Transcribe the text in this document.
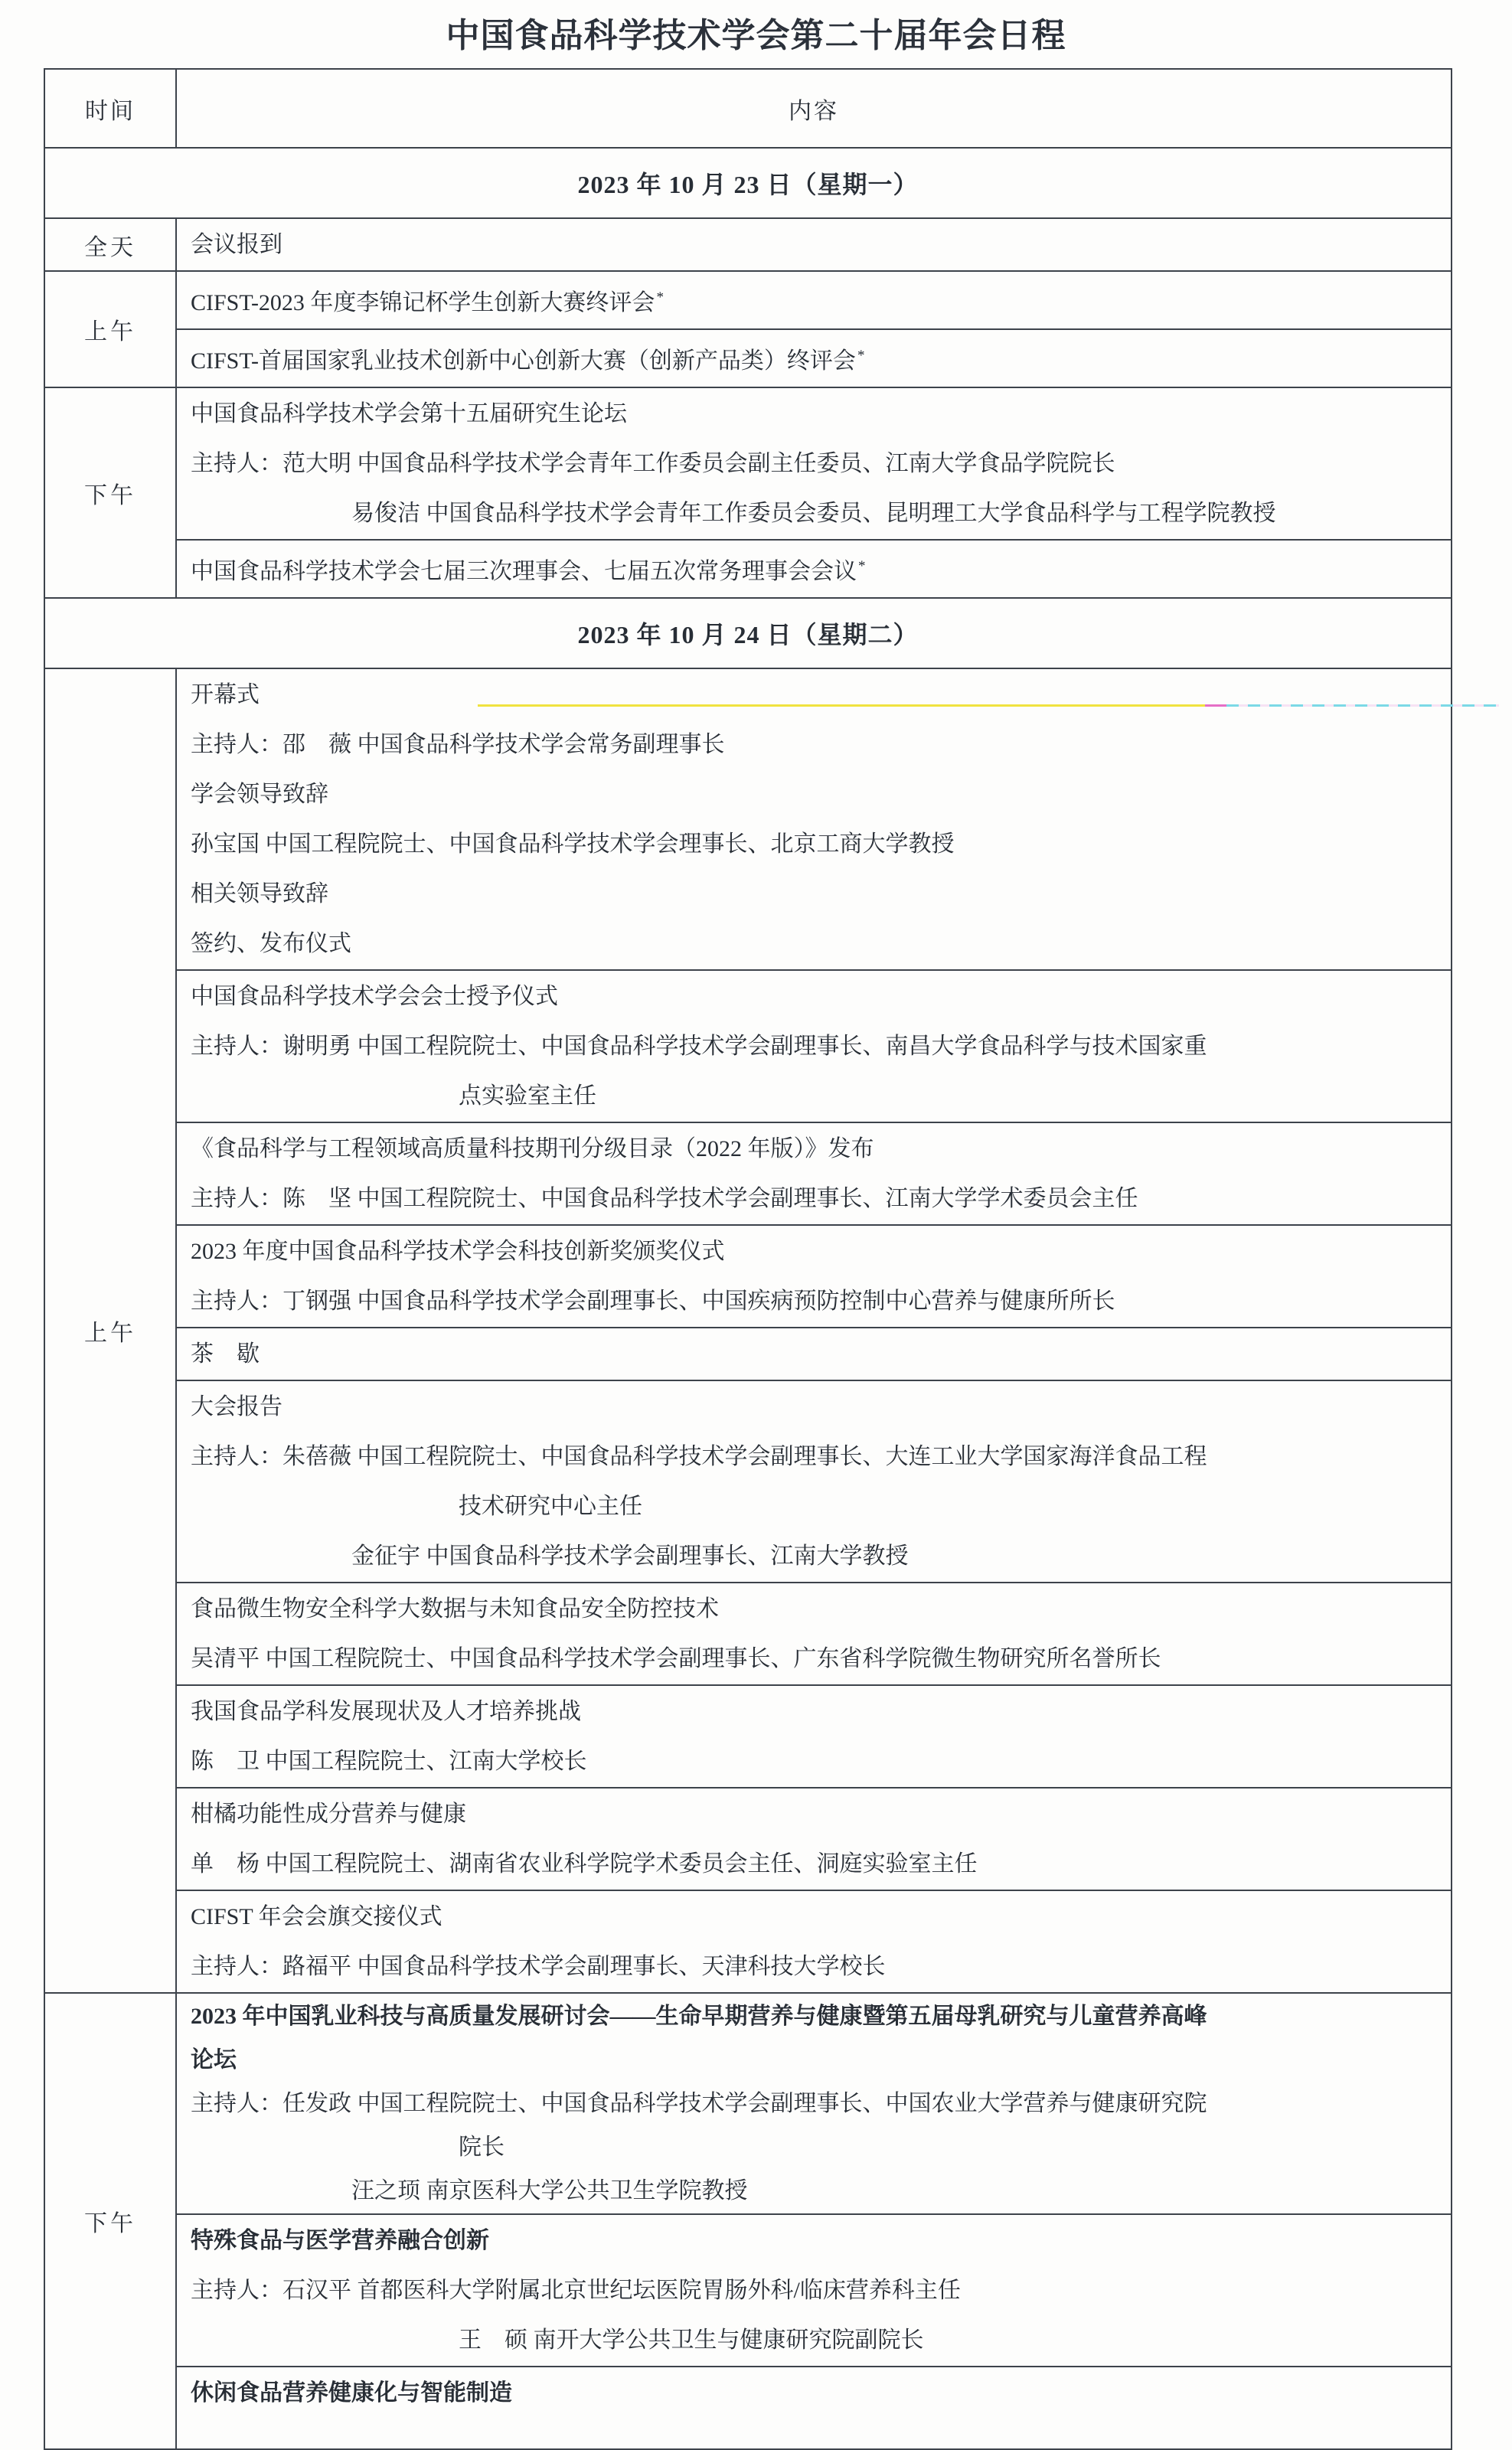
中国食品科学技术学会第二十届年会日程
时间	内容
2023 年 10 月 23 日（星期一）
全天	会议报到
上午
CIFST-2023 年度李锦记杯学生创新大赛终评会 *
CIFST-首届国家乳业技术创新中心创新大赛（创新产品类）终评会 *
下午
中国食品科学技术学会第十五届研究生论坛
主持人：范大明 中国食品科学技术学会青年工作委员会副主任委员、江南大学食品学院院长
易俊洁 中国食品科学技术学会青年工作委员会委员、昆明理工大学食品科学与工程学院教授
中国食品科学技术学会七届三次理事会、七届五次常务理事会会议 *
2023 年 10 月 24 日（星期二）
上午
开幕式
主持人：邵　薇 中国食品科学技术学会常务副理事长
学会领导致辞
孙宝国 中国工程院院士、中国食品科学技术学会理事长、北京工商大学教授
相关领导致辞
签约、发布仪式
中国食品科学技术学会会士授予仪式
主持人：谢明勇 中国工程院院士、中国食品科学技术学会副理事长、南昌大学食品科学与技术国家重
点实验室主任
《食品科学与工程领域高质量科技期刊分级目录（2022 年版）》发布
主持人：陈　坚 中国工程院院士、中国食品科学技术学会副理事长、江南大学学术委员会主任
2023 年度中国食品科学技术学会科技创新奖颁奖仪式
主持人：丁钢强 中国食品科学技术学会副理事长、中国疾病预防控制中心营养与健康所所长
茶　歇
大会报告
主持人：朱蓓薇 中国工程院院士、中国食品科学技术学会副理事长、大连工业大学国家海洋食品工程
技术研究中心主任
金征宇 中国食品科学技术学会副理事长、江南大学教授
食品微生物安全科学大数据与未知食品安全防控技术
吴清平 中国工程院院士、中国食品科学技术学会副理事长、广东省科学院微生物研究所名誉所长
我国食品学科发展现状及人才培养挑战
陈　卫 中国工程院院士、江南大学校长
柑橘功能性成分营养与健康
单　杨 中国工程院院士、湖南省农业科学院学术委员会主任、洞庭实验室主任
CIFST 年会会旗交接仪式
主持人：路福平 中国食品科学技术学会副理事长、天津科技大学校长
下午
2023 年中国乳业科技与高质量发展研讨会——生命早期营养与健康暨第五届母乳研究与儿童营养高峰
论坛
主持人：任发政 中国工程院院士、中国食品科学技术学会副理事长、中国农业大学营养与健康研究院
院长
汪之顼 南京医科大学公共卫生学院教授
特殊食品与医学营养融合创新
主持人：石汉平 首都医科大学附属北京世纪坛医院胃肠外科/临床营养科主任
王　硕 南开大学公共卫生与健康研究院副院长
休闲食品营养健康化与智能制造
